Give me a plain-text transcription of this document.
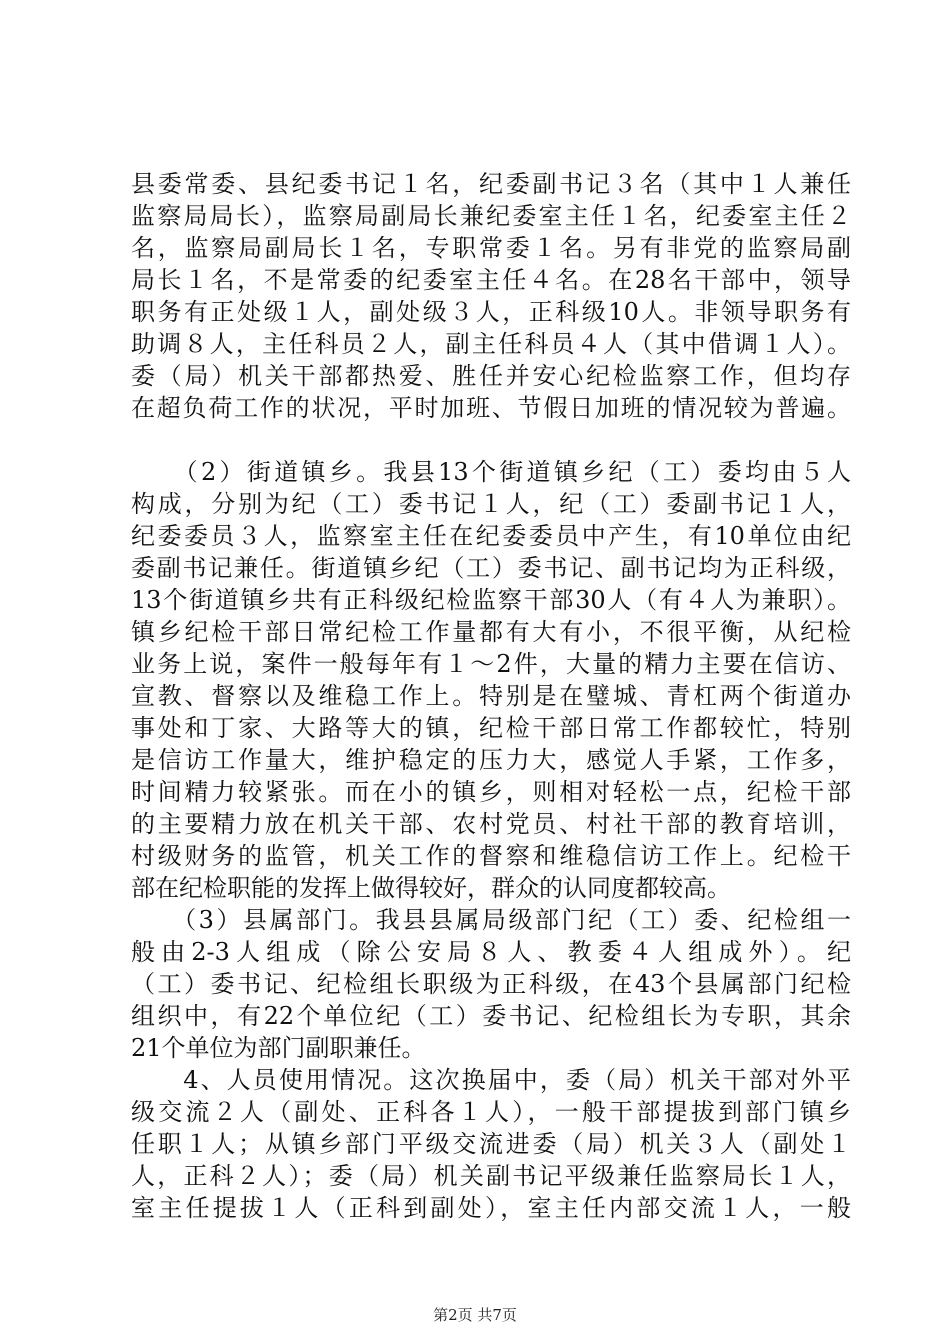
县委常委、县纪委书记１名，纪委副书记３名（其中１人兼任
监察局局长），监察局副局长兼纪委室主任１名，纪委室主任２
名，监察局副局长１名，专职常委１名。另有非党的监察局副
局长１名，不是常委的纪委室主任４名。在28名干部中，领导
职务有正处级１人，副处级３人，正科级10人。非领导职务有
助调８人，主任科员２人，副主任科员４人（其中借调１人）。
委（局）机关干部都热爱、胜任并安心纪检监察工作，但均存
在超负荷工作的状况，平时加班、节假日加班的情况较为普遍。
　　（2）街道镇乡。我县13个街道镇乡纪（工）委均由５人
构成，分别为纪（工）委书记１人，纪（工）委副书记１人，
纪委委员３人，监察室主任在纪委委员中产生，有10单位由纪
委副书记兼任。街道镇乡纪（工）委书记、副书记均为正科级，
13个街道镇乡共有正科级纪检监察干部30人（有４人为兼职）。
镇乡纪检干部日常纪检工作量都有大有小，不很平衡，从纪检
业务上说，案件一般每年有１～2件，大量的精力主要在信访、
宣教、督察以及维稳工作上。特别是在璧城、青杠两个街道办
事处和丁家、大路等大的镇，纪检干部日常工作都较忙，特别
是信访工作量大，维护稳定的压力大，感觉人手紧，工作多，
时间精力较紧张。而在小的镇乡，则相对轻松一点，纪检干部
的主要精力放在机关干部、农村党员、村社干部的教育培训，
村级财务的监管，机关工作的督察和维稳信访工作上。纪检干
部在纪检职能的发挥上做得较好，群众的认同度都较高。
　　（3）县属部门。我县县属局级部门纪（工）委、纪检组一
般由2-3人组成（除公安局８人、教委４人组成外）。纪
（工）委书记、纪检组长职级为正科级，在43个县属部门纪检
组织中，有22个单位纪（工）委书记、纪检组长为专职，其余
21个单位为部门副职兼任。
　　4、人员使用情况。这次换届中，委（局）机关干部对外平
级交流２人（副处、正科各１人），一般干部提拔到部门镇乡
任职１人；从镇乡部门平级交流进委（局）机关３人（副处１
人，正科２人）；委（局）机关副书记平级兼任监察局长１人，
室主任提拔１人（正科到副处），室主任内部交流１人，一般
第2页 共7页
